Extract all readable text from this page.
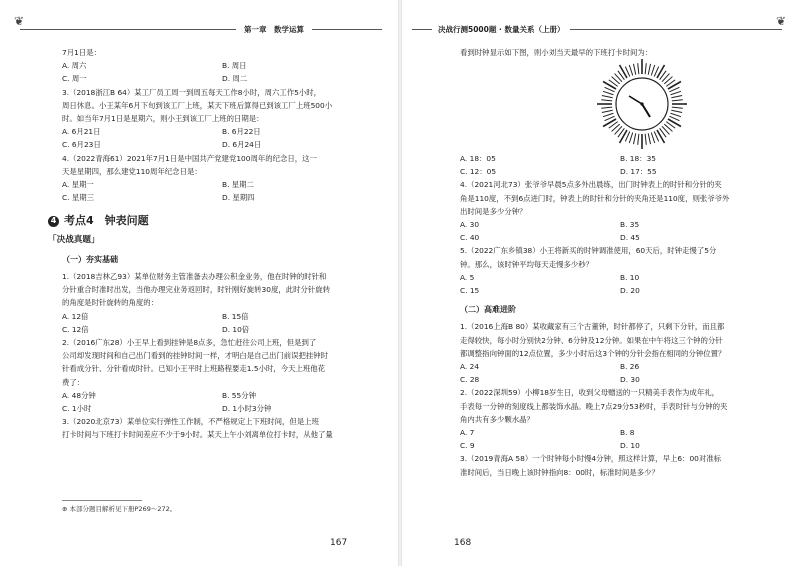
❦
第一章　数学运算

7月1日是：

A. 周六	B. 周日
C. 周一	D. 周二

3.（2018浙江B 64）某工厂员工周一到周五每天工作8小时，周六工作5小时，

周日休息。小王某年6月下旬到该工厂上班，某天下班后算得已到该工厂上班500小

时。如当年7月1日是星期六，则小王到该工厂上班的日期是：

A. 6月21日	B. 6月22日
C. 6月23日	D. 6月24日

4.（2022青海61）2021年7月1日是中国共产党建党100周年的纪念日，这一

天是星期四，那么建党110周年纪念日是：

A. 星期一	B. 星期二
C. 星期三	D. 星期四
4 考点4　钟表问题
「决战真题」
（一）夯实基础

1.（2018吉林乙93）某单位财务主管准备去办理公积金业务，他在时钟的时针和

分针重合时准时出发，当他办理完业务返回时，时针刚好旋转30度，此时分针旋转

的角度是时针旋转的角度的：

A. 12倍	B. 15倍
C. 12倍	D. 10倍

2.（2016广东28）小王早上看到挂钟是8点多，急忙赶往公司上班，但是到了

公司却发现时间和自己出门看到的挂钟时间一样，才明白是自己出门前误把挂钟时

针看成分针、分针看成时针。已知小王平时上班路程要走1.5小时，今天上班他花

费了：

A. 48分钟	B. 55分钟
C. 1小时	D. 1小时3分钟

3.（2020北京73）某单位实行弹性工作制，不严格规定上下班时间，但是上班

打卡时间与下班打卡时间差应不少于9小时。某天上午小刘离单位打卡时，从他了量

⊕ 本部分题目解析见下册P269～272。
167
决战行测5000题 · 数量关系（上册）
❦

看到时钟显示如下图，则小刘当天最早的下班打卡时间为：

A. 18：05	B. 18：35
C. 12：05	D. 17：55

4.（2021河北73）张爷爷早晨5点多外出晨练，出门时钟表上的时针和分针的夹

角是110度，不到6点进门时，钟表上的时针和分针的夹角还是110度，则张爷爷外

出时间是多少分钟？

A. 30	B. 35
C. 40	D. 45

5.（2022广东乡镇38）小王将新买的时钟调准使用，60天后，时钟走慢了5分

钟。那么，该时钟平均每天走慢多少秒？

A. 5	B. 10
C. 15	D. 20
（二）高难进阶

1.（2016上海B 80）某收藏家有三个古董钟，时针都停了，只剩下分针，而且都

走得较快，每小时分别快2分钟、6分钟及12分钟。如果在中午将这三个钟的分针

都调整指向钟面的12点位置，多少小时后这3个钟的分针会指在相同的分钟位置？

A. 24	B. 26
C. 28	D. 30

2.（2022深圳59）小柳18岁生日，收到父母赠送的一只精美手表作为成年礼，

手表每一分钟的刻度线上都装饰水晶。晚上7点29分53秒时，手表时针与分钟的夹

角内共有多少颗水晶？

A. 7	B. 8
C. 9	D. 10

3.（2019青海A 58）一个时钟每小时慢4分钟，照这样计算，早上6：00对准标

准时间后，当日晚上该时钟指向8：00时，标准时间是多少？

168
